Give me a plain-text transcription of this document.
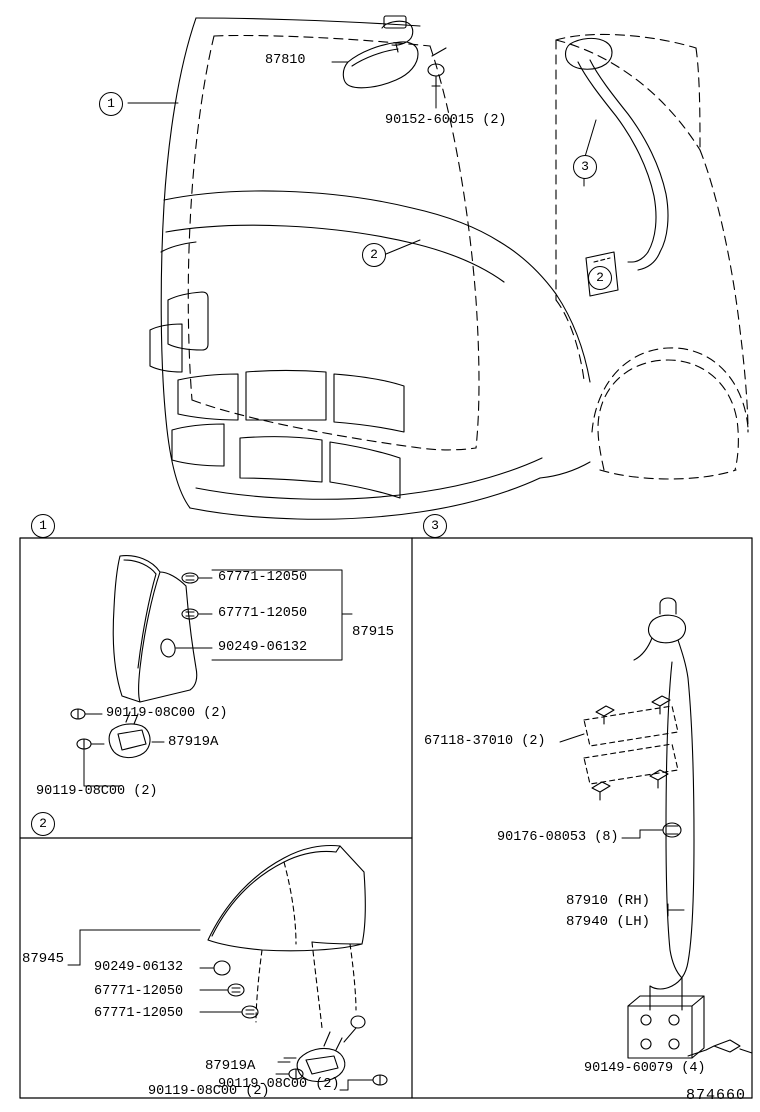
1
2
3
2
1
2
3
87810
90152-60015 (2)
67771-12050
67771-12050
90249-06132
87915
90119-08C00 (2)
87919A
90119-08C00 (2)
87945
90249-06132
67771-12050
67771-12050
87919A
90119-08C00 (2)
90119-08C00 (2)
67118-37010 (2)
90176-08053 (8)
87910 (RH)
87940 (LH)
90149-60079 (4)
874660
